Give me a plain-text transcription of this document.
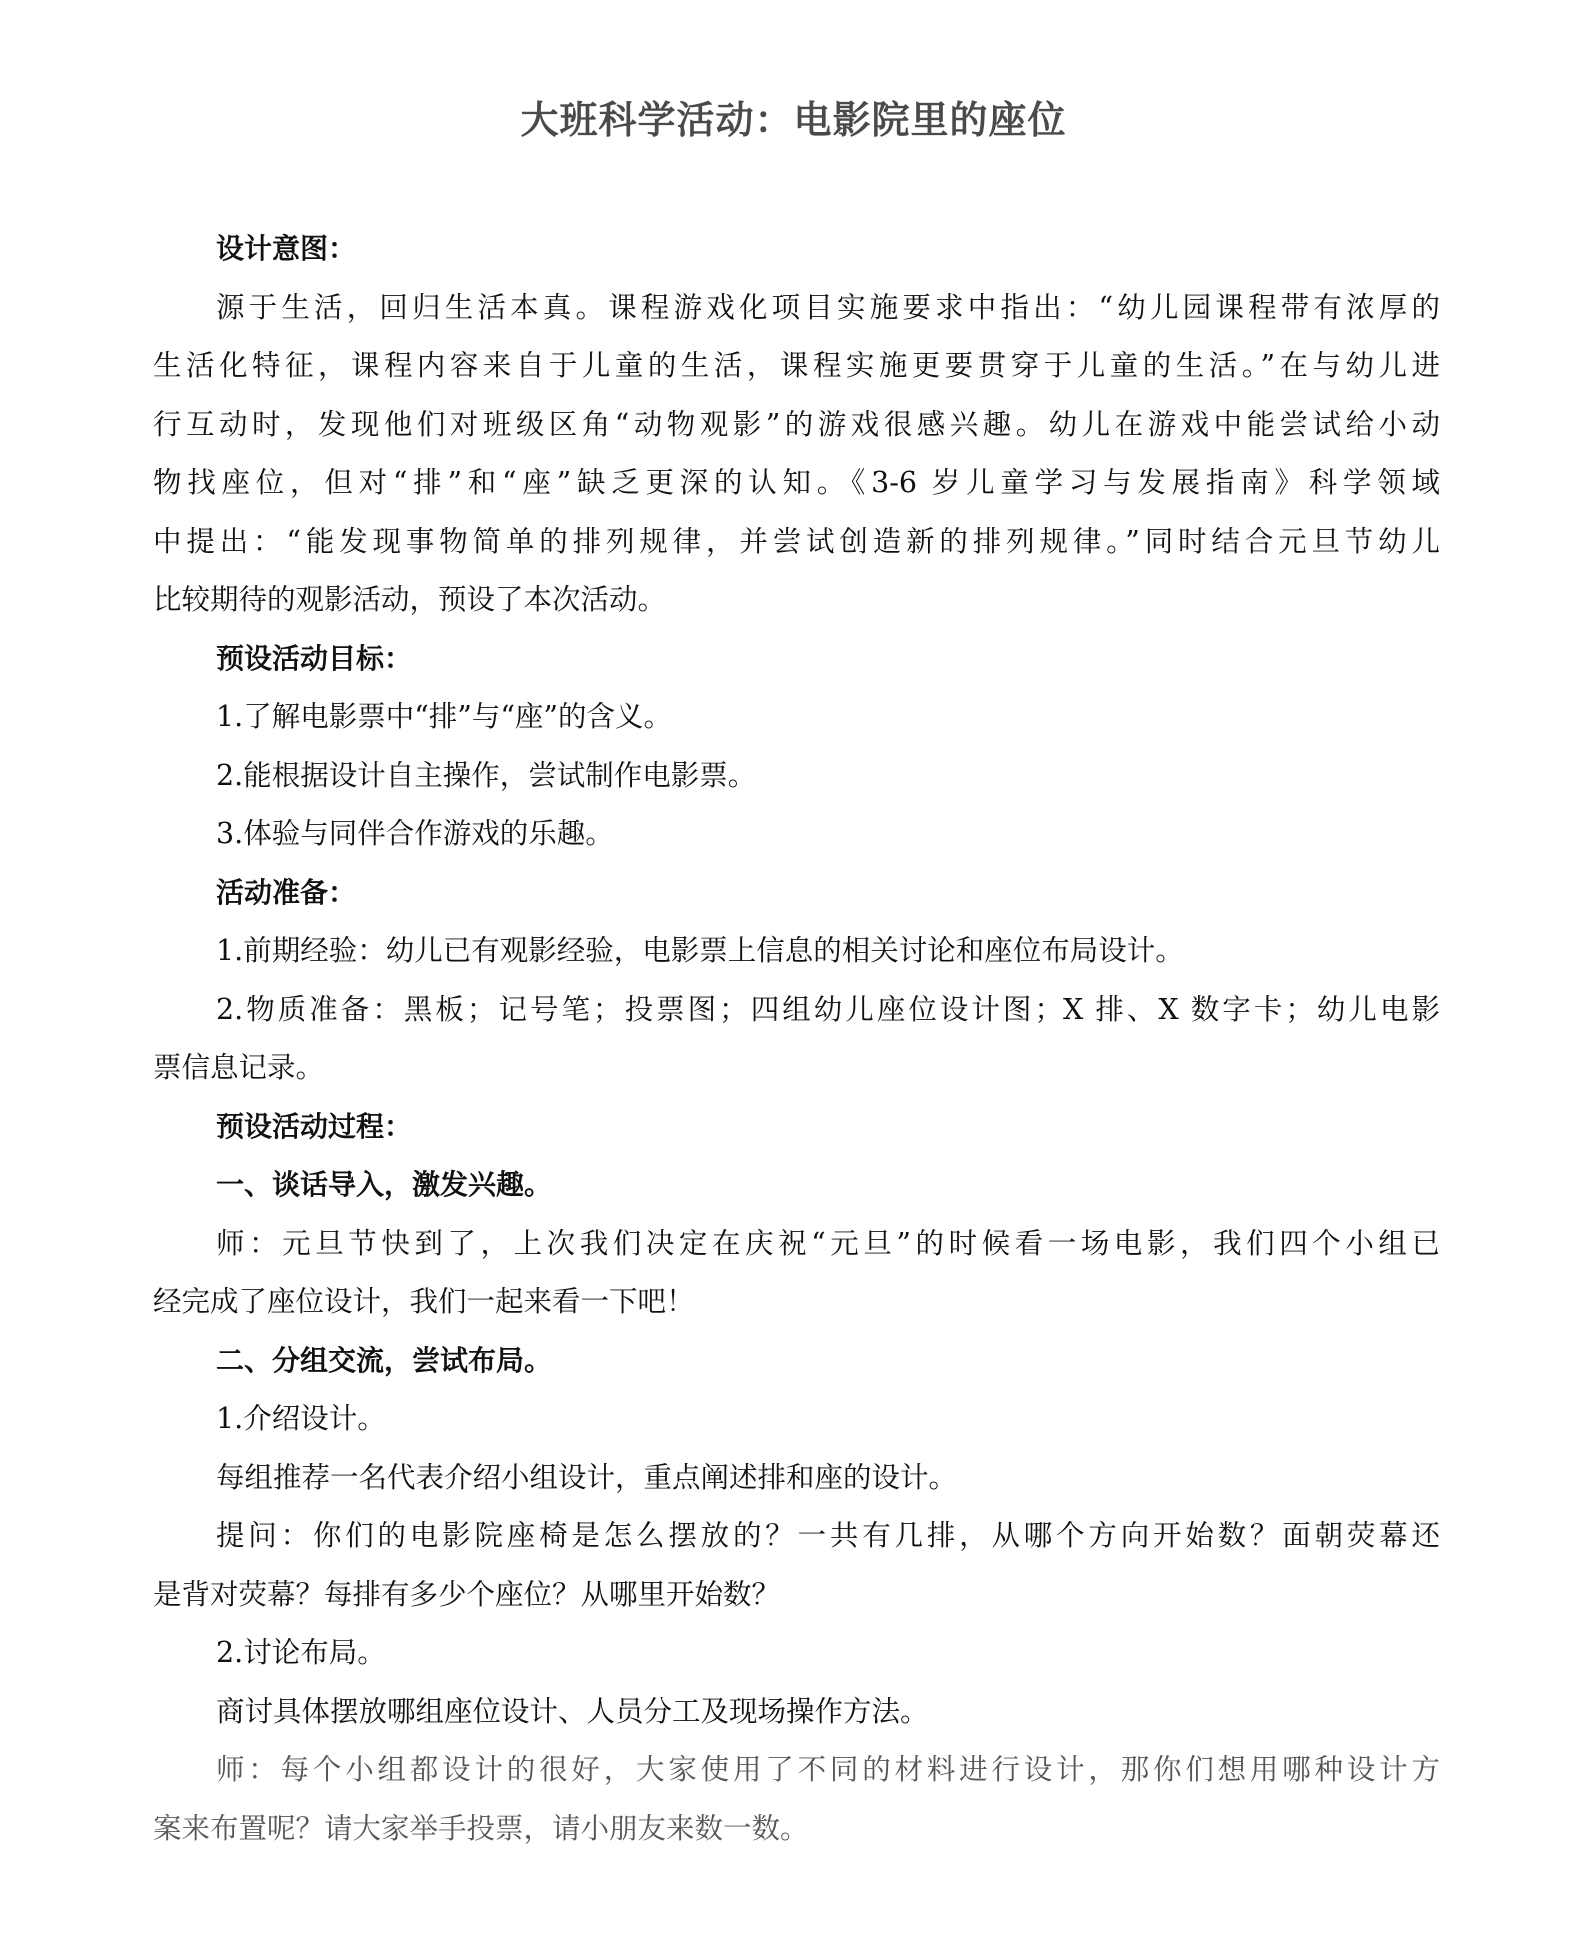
大班科学活动：电影院里的座位
设计意图：
源于生活，回归生活本真。课程游戏化项目实施要求中指出：“幼儿园课程带有浓厚的
生活化特征，课程内容来自于儿童的生活，课程实施更要贯穿于儿童的生活。”在与幼儿进
行互动时，发现他们对班级区角“动物观影”的游戏很感兴趣。幼儿在游戏中能尝试给小动
物找座位，但对“排”和“座”缺乏更深的认知。《3-6 岁儿童学习与发展指南》科学领域
中提出：“能发现事物简单的排列规律，并尝试创造新的排列规律。”同时结合元旦节幼儿
比较期待的观影活动，预设了本次活动。
预设活动目标：
1.了解电影票中“排”与“座”的含义。
2.能根据设计自主操作，尝试制作电影票。
3.体验与同伴合作游戏的乐趣。
活动准备：
1.前期经验：幼儿已有观影经验，电影票上信息的相关讨论和座位布局设计。
2.物质准备：黑板；记号笔；投票图；四组幼儿座位设计图；X 排、X 数字卡；幼儿电影
票信息记录。
预设活动过程：
一、谈话导入，激发兴趣。
师：元旦节快到了，上次我们决定在庆祝“元旦”的时候看一场电影，我们四个小组已
经完成了座位设计，我们一起来看一下吧！
二、分组交流，尝试布局。
1.介绍设计。
每组推荐一名代表介绍小组设计，重点阐述排和座的设计。
提问：你们的电影院座椅是怎么摆放的？一共有几排，从哪个方向开始数？面朝荧幕还
是背对荧幕？每排有多少个座位？从哪里开始数？
2.讨论布局。
商讨具体摆放哪组座位设计、人员分工及现场操作方法。
师：每个小组都设计的很好，大家使用了不同的材料进行设计，那你们想用哪种设计方
案来布置呢？请大家举手投票，请小朋友来数一数。
